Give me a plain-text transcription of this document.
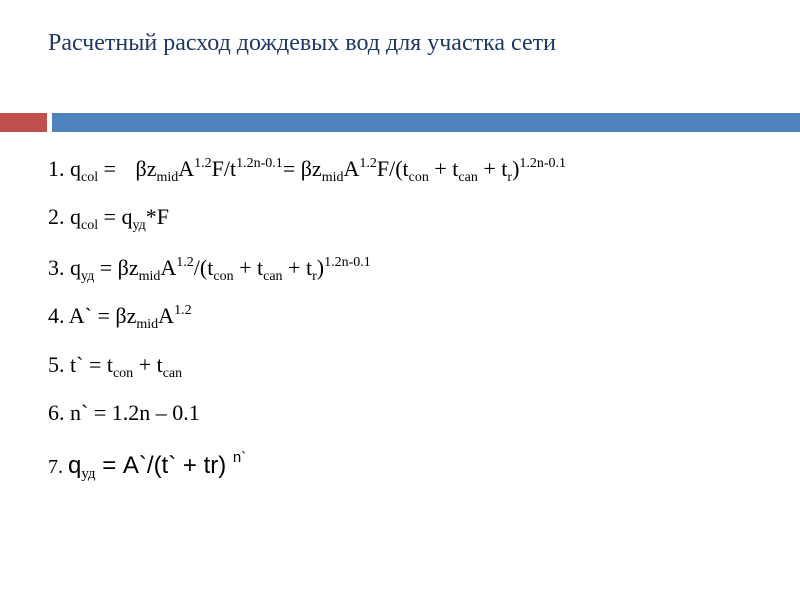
Расчетный расход дождевых вод для участка сети
1. $q_{col} = \beta z_{mid}A^{1.2}F/t^{1.2n-0.1}= \beta z_{mid}A^{1.2}F/(t_{con} + t_{can} + t_r)^{1.2n-0.1}$
2. $q_{col} = q_{уд}*F$
3. $q_{уд} = \beta z_{mid}A^{1.2}/(t_{con} + t_{can} + t_r)^{1.2n-0.1}$
4. A` = $\beta z_{mid}A^{1.2}$
5. t` = $t_{con} + t_{can}$
6. n` = 1.2n – 0.1
7. $q_{уд}$ = A`/(t` + tr) $^{n`}$
